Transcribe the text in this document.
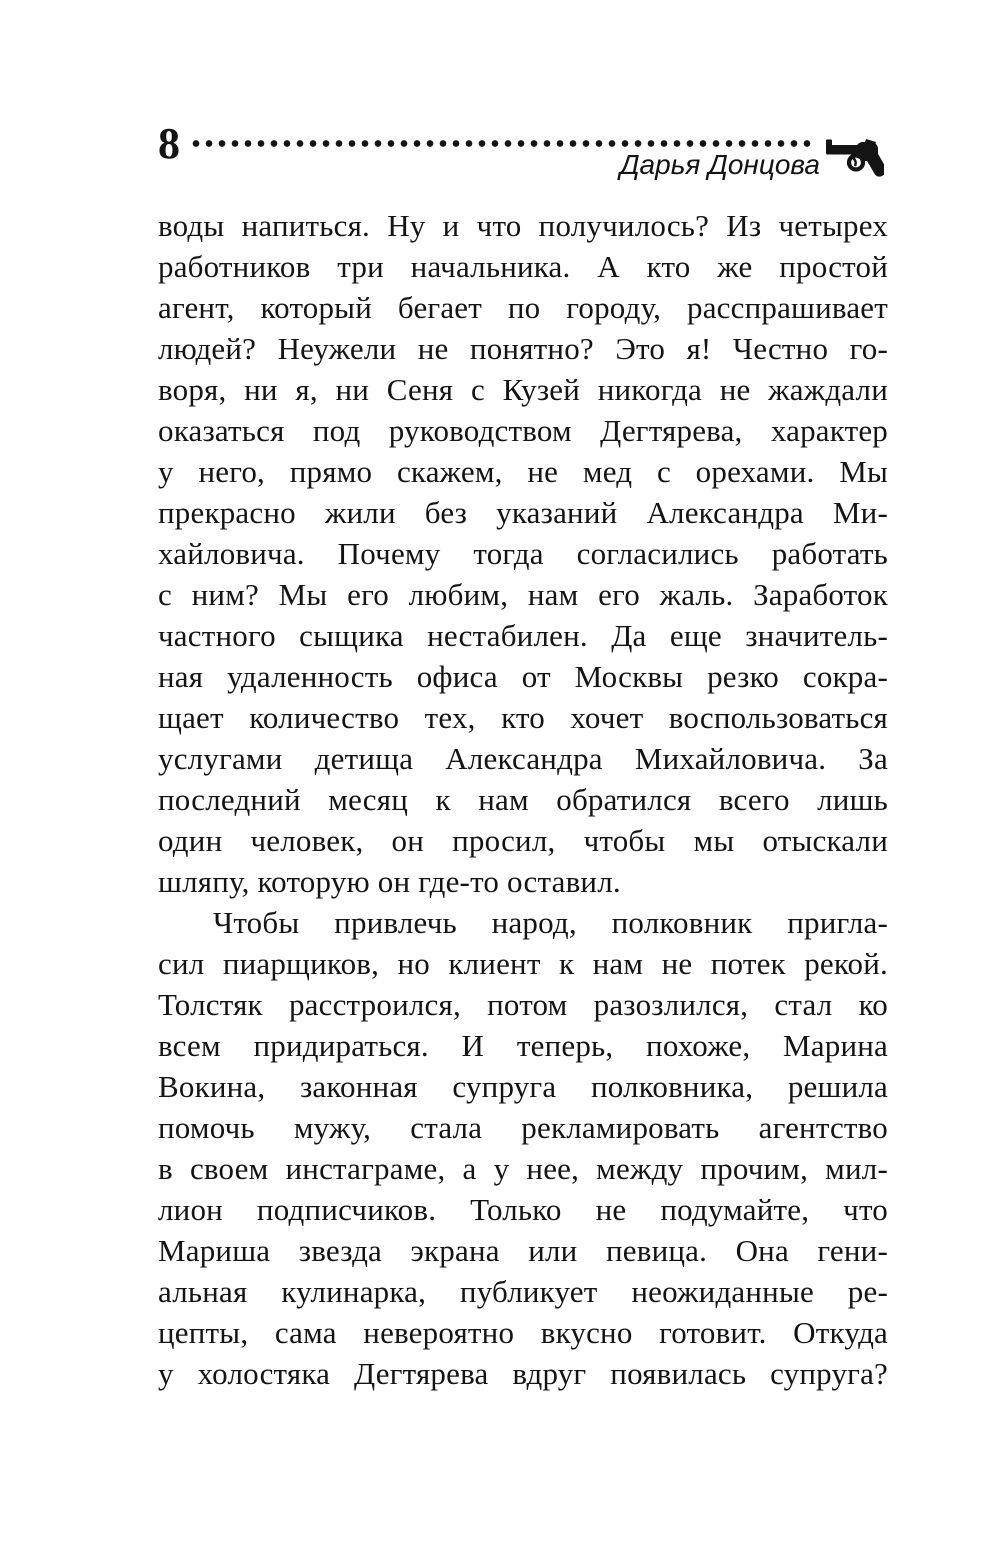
8	Дарья Донцова
воды напиться. Ну и что получилось? Из четырех
работников три начальника. А кто же простой
агент, который бегает по городу, расспрашивает
людей? Неужели не понятно? Это я! Честно го-
воря, ни я, ни Сеня с Кузей никогда не жаждали
оказаться под руководством Дегтярева, характер
у него, прямо скажем, не мед с орехами. Мы
прекрасно жили без указаний Александра Ми-
хайловича. Почему тогда согласились работать
с ним? Мы его любим, нам его жаль. Заработок
частного сыщика нестабилен. Да еще значитель-
ная удаленность офиса от Москвы резко сокра-
щает количество тех, кто хочет воспользоваться
услугами детища Александра Михайловича. За
последний месяц к нам обратился всего лишь
один человек, он просил, чтобы мы отыскали
шляпу, которую он где-то оставил.
Чтобы привлечь народ, полковник пригла-
сил пиарщиков, но клиент к нам не потек рекой.
Толстяк расстроился, потом разозлился, стал ко
всем придираться. И теперь, похоже, Марина
Вокина, законная супруга полковника, решила
помочь мужу, стала рекламировать агентство
в своем инстаграме, а у нее, между прочим, мил-
лион подписчиков. Только не подумайте, что
Мариша звезда экрана или певица. Она гени-
альная кулинарка, публикует неожиданные ре-
цепты, сама невероятно вкусно готовит. Откуда
у холостяка Дегтярева вдруг появилась супруга?
